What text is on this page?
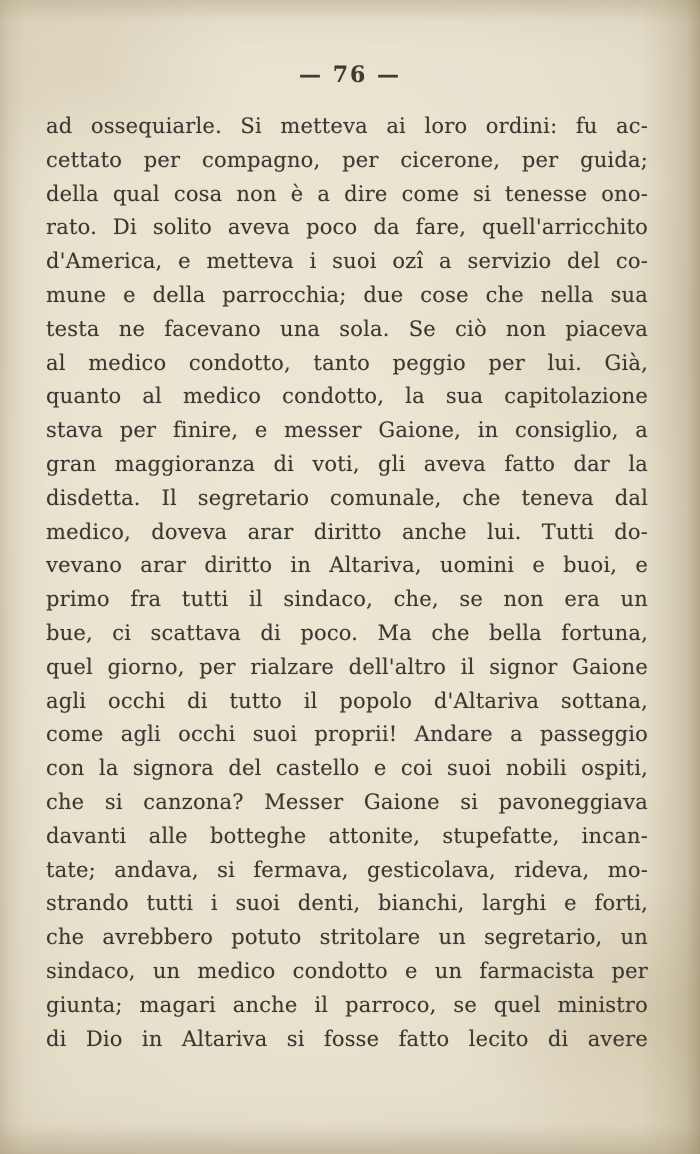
— 76 —
ad ossequiarle. Si metteva ai loro ordini: fu ac-
cettato per compagno, per cicerone, per guida;
della qual cosa non è a dire come si tenesse ono-
rato. Di solito aveva poco da fare, quell'arricchito
d'America, e metteva i suoi ozî a servizio del co-
mune e della parrocchia; due cose che nella sua
testa ne facevano una sola. Se ciò non piaceva
al medico condotto, tanto peggio per lui. Già,
quanto al medico condotto, la sua capitolazione
stava per finire, e messer Gaione, in consiglio, a
gran maggioranza di voti, gli aveva fatto dar la
disdetta. Il segretario comunale, che teneva dal
medico, doveva arar diritto anche lui. Tutti do-
vevano arar diritto in Altariva, uomini e buoi, e
primo fra tutti il sindaco, che, se non era un
bue, ci scattava di poco. Ma che bella fortuna,
quel giorno, per rialzare dell'altro il signor Gaione
agli occhi di tutto il popolo d'Altariva sottana,
come agli occhi suoi proprii! Andare a passeggio
con la signora del castello e coi suoi nobili ospiti,
che si canzona? Messer Gaione si pavoneggiava
davanti alle botteghe attonite, stupefatte, incan-
tate; andava, si fermava, gesticolava, rideva, mo-
strando tutti i suoi denti, bianchi, larghi e forti,
che avrebbero potuto stritolare un segretario, un
sindaco, un medico condotto e un farmacista per
giunta; magari anche il parroco, se quel ministro
di Dio in Altariva si fosse fatto lecito di avere
